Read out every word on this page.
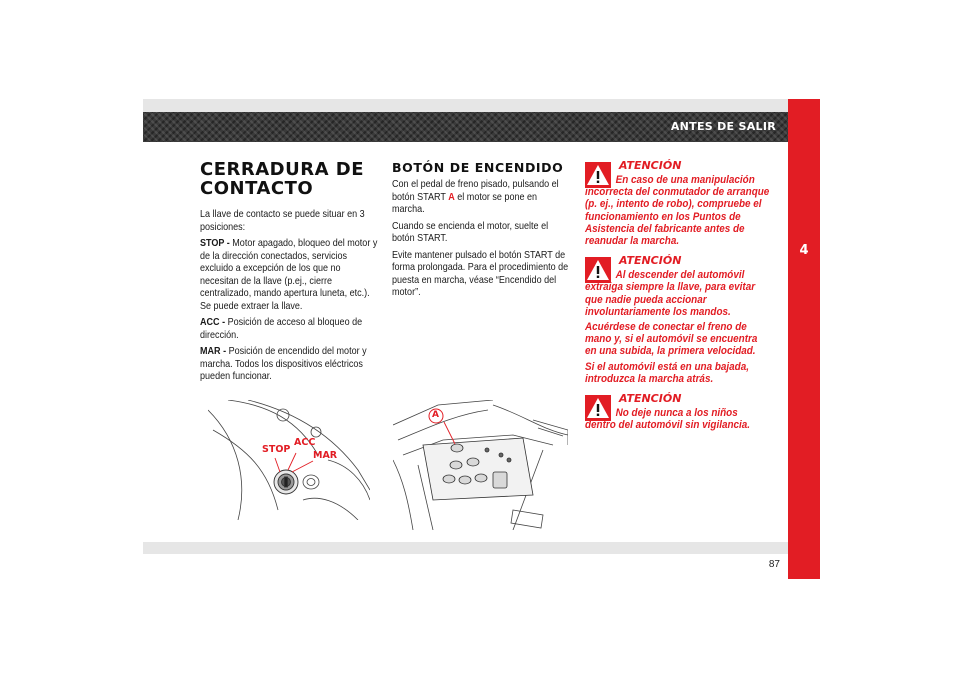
ANTES DE SALIR
4
CERRADURA DE CONTACTO

La llave de contacto se puede situar en 3 posiciones:

STOP - Motor apagado, bloqueo del motor y de la dirección conectados, servicios excluido a excepción de los que no necesitan de la llave (p.ej., cierre centralizado, mando apertura luneta, etc.). Se puede extraer la llave.

ACC - Posición de acceso al bloqueo de dirección.

MAR - Posición de encendido del motor y marcha. Todos los dispositivos eléctricos pueden funcionar.

BOTÓN DE ENCENDIDO

Con el pedal de freno pisado, pulsando el botón START A el motor se pone en marcha.

Cuando se encienda el motor, suelte el botón START.

Evite mantener pulsado el botón START de forma prolongada. Para el procedimiento de puesta en marcha, véase “Encendido del motor”.

ATENCIÓN

En caso de una manipulación incorrecta del conmutador de arranque (p. ej., intento de robo), compruebe el funcionamiento en los Puntos de Asistencia del fabricante antes de reanudar la marcha.

ATENCIÓN

Al descender del automóvil extraiga siempre la llave, para evitar que nadie pueda accionar involuntariamente los mandos.

Acuérdese de conectar el freno de mano y, si el automóvil se encuentra en una subida, la primera velocidad.

Si el automóvil está en una bajada, introduzca la marcha atrás.

ATENCIÓN

No deje nunca a los niños dentro del automóvil sin vigilancia.

STOP
ACC
MAR
A
87
